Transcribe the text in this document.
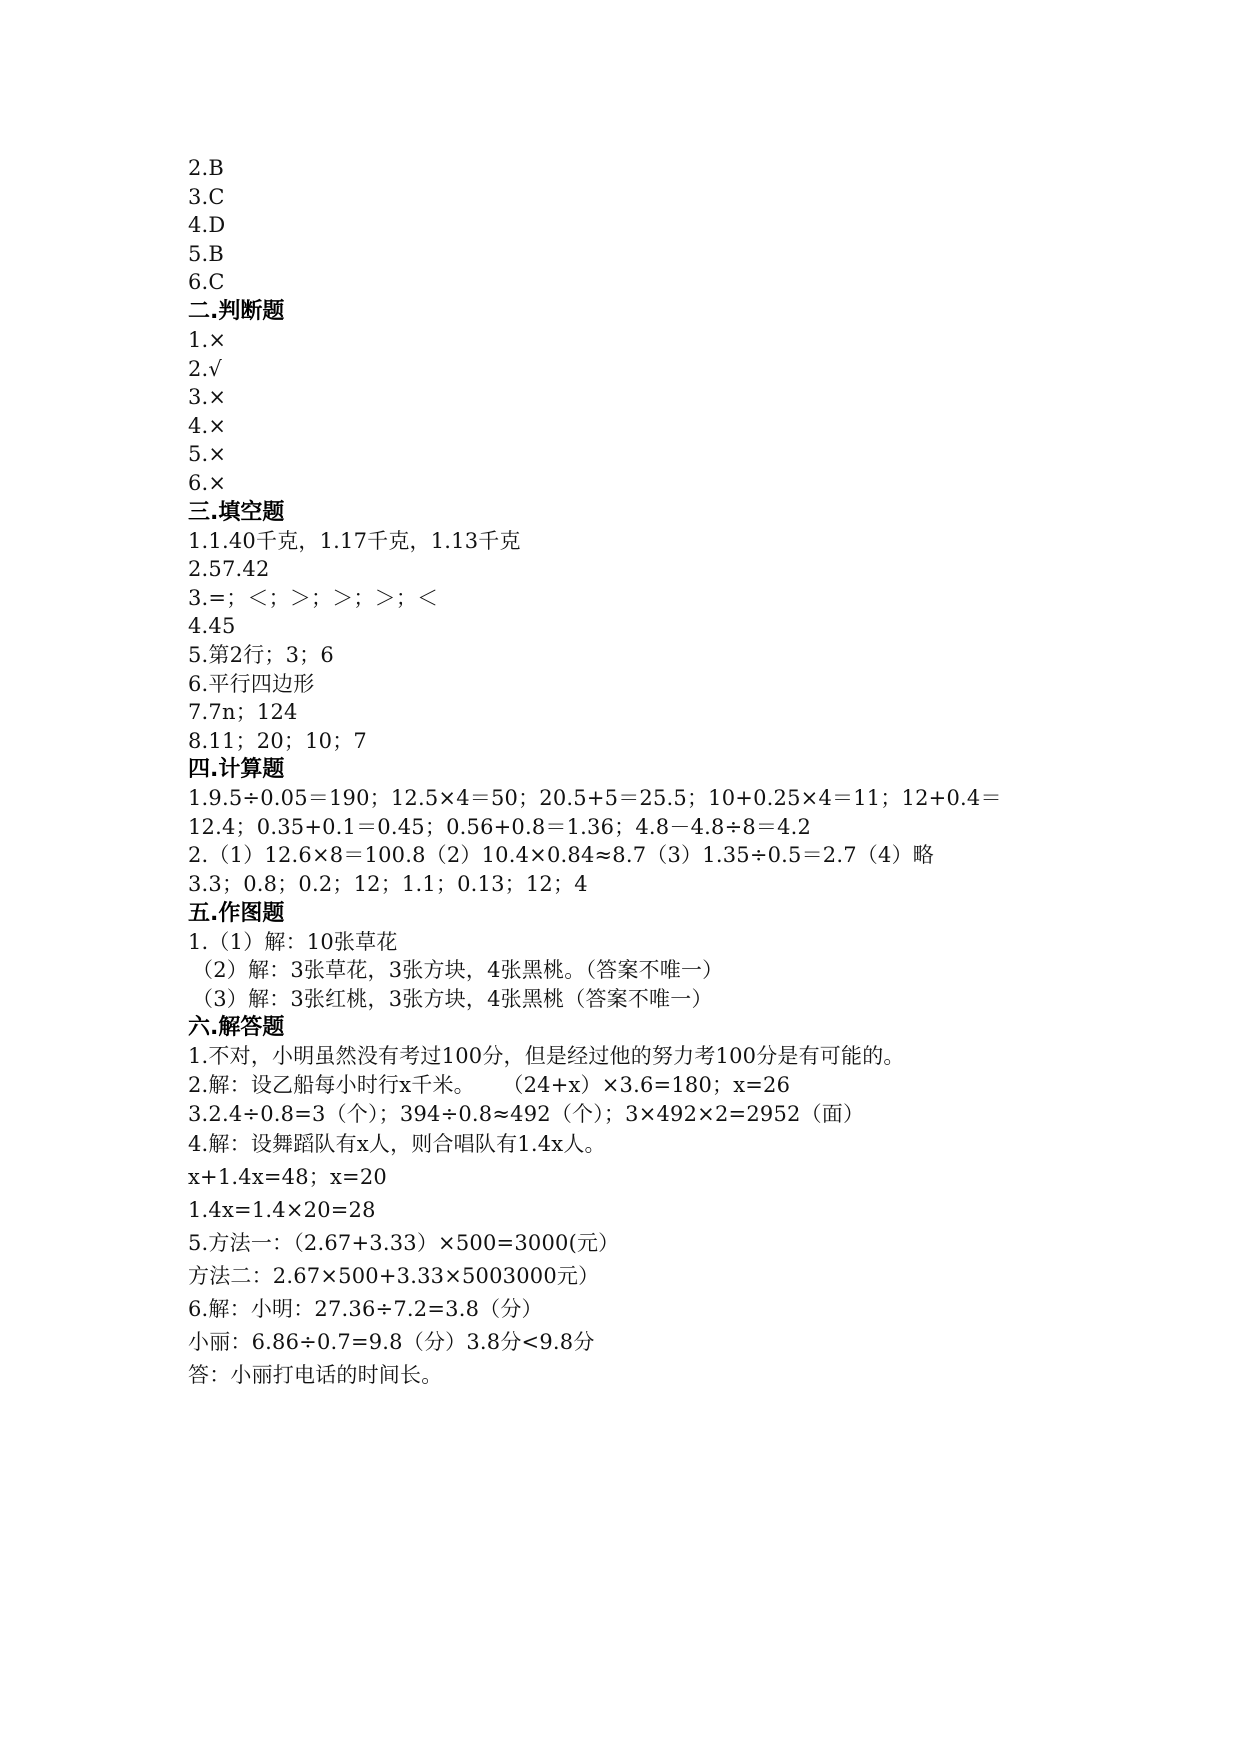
2.B
3.C
4.D
5.B
6.C
二.判断题
1.×
2.√
3.×
4.×
5.×
6.×
三.填空题
1.1.40千克，1.17千克，1.13千克
2.57.42
3.=；＜；＞；＞；＞；＜
4.45
5.第2行；3；6
6.平行四边形
7.7n；124
8.11；20；10；7
四.计算题
1.9.5÷0.05＝190；12.5×4＝50；20.5+5＝25.5；10+0.25×4＝11；12+0.4＝
12.4；0.35+0.1＝0.45；0.56+0.8＝1.36；4.8－4.8÷8＝4.2
2.（1）12.6×8＝100.8（2）10.4×0.84≈8.7（3）1.35÷0.5＝2.7（4）略
3.3；0.8；0.2；12；1.1；0.13；12；4
五.作图题
1.（1）解：10张草花
（2）解：3张草花，3张方块，4张黑桃。（答案不唯一）
（3）解：3张红桃，3张方块，4张黑桃（答案不唯一）
六.解答题
1.不对，小明虽然没有考过100分，但是经过他的努力考100分是有可能的。
2.解：设乙船每小时行x千米。    （24+x）×3.6=180；x=26
3.2.4÷0.8=3（个）；394÷0.8≈492（个）；3×492×2=2952（面）
4.解：设舞蹈队有x人，则合唱队有1.4x人。
x+1.4x=48；x=20
1.4x=1.4×20=28
5.方法一：（2.67+3.33）×500=3000(元）
方法二：2.67×500+3.33×5003000元）
6.解：小明：27.36÷7.2=3.8（分）
小丽：6.86÷0.7=9.8（分）3.8分<9.8分
答：小丽打电话的时间长。
